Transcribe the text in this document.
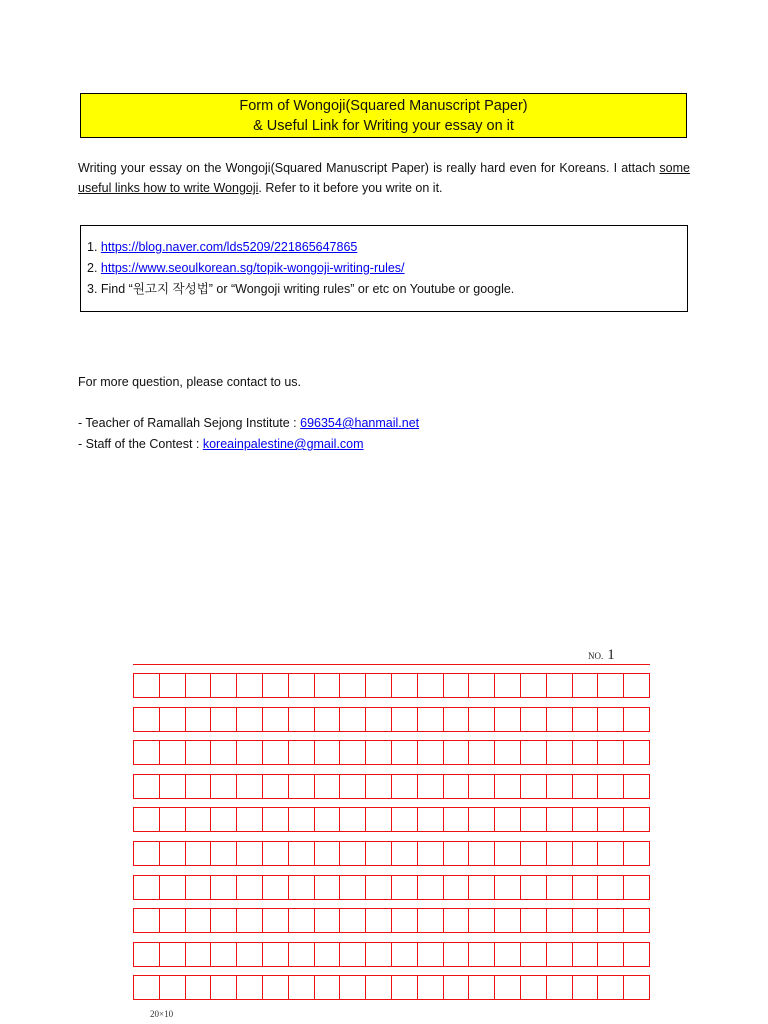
Form of Wongoji(Squared Manuscript Paper)
& Useful Link for Writing your essay on it
Writing your essay on the Wongoji(Squared Manuscript Paper) is really hard even for Koreans. I attach some useful links how to write Wongoji. Refer to it before you write on it.
1. https://blog.naver.com/lds5209/221865647865
2. https://www.seoulkorean.sg/topik-wongoji-writing-rules/
3. Find “원고지 작성법” or “Wongoji writing rules” or etc on Youtube or google.
For more question, please contact to us.
- Teacher of Ramallah Sejong Institute : 696354@hanmail.net
- Staff of the Contest : koreainpalestine@gmail.com
NO. 1
20×10
